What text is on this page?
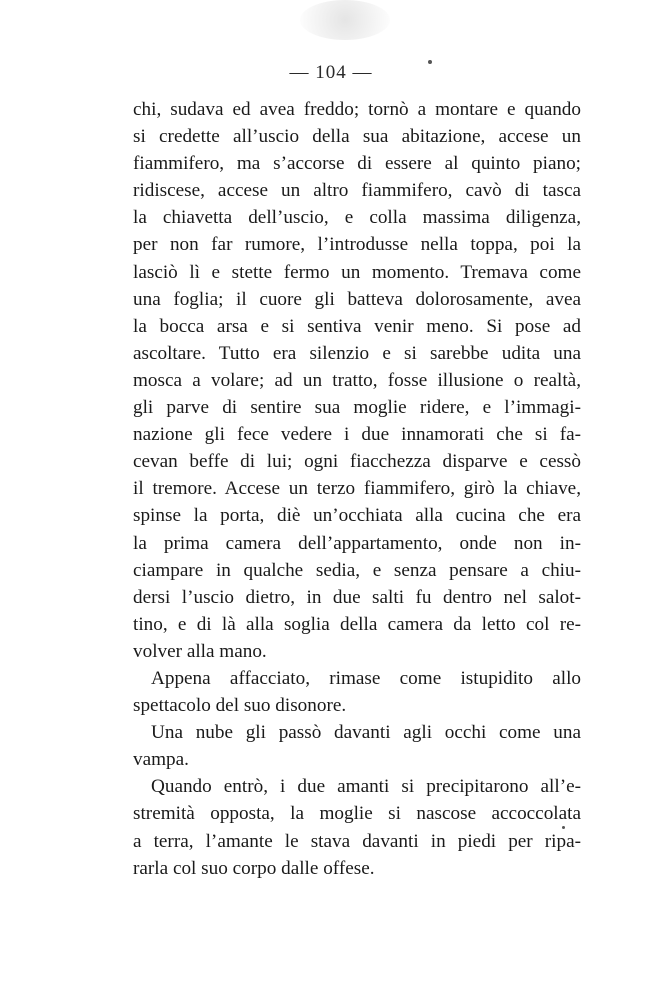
— 104 —
chi, sudava ed avea freddo; tornò a montare e quando
si credette all’uscio della sua abitazione, accese un
fiammifero, ma s’accorse di essere al quinto piano;
ridiscese, accese un altro fiammifero, cavò di tasca
la chiavetta dell’uscio, e colla massima diligenza,
per non far rumore, l’introdusse nella toppa, poi la
lasciò lì e stette fermo un momento. Tremava come
una foglia; il cuore gli batteva dolorosamente, avea
la bocca arsa e si sentiva venir meno. Si pose ad
ascoltare. Tutto era silenzio e si sarebbe udita una
mosca a volare; ad un tratto, fosse illusione o realtà,
gli parve di sentire sua moglie ridere, e l’immagi-
nazione gli fece vedere i due innamorati che si fa-
cevan beffe di lui; ogni fiacchezza disparve e cessò
il tremore. Accese un terzo fiammifero, girò la chiave,
spinse la porta, diè un’occhiata alla cucina che era
la prima camera dell’appartamento, onde non in-
ciampare in qualche sedia, e senza pensare a chiu-
dersi l’uscio dietro, in due salti fu dentro nel salot-
tino, e di là alla soglia della camera da letto col re-
volver alla mano.
Appena affacciato, rimase come istupidito allo
spettacolo del suo disonore.
Una nube gli passò davanti agli occhi come una
vampa.
Quando entrò, i due amanti si precipitarono all’e-
stremità opposta, la moglie si nascose accoccolata
a terra, l’amante le stava davanti in piedi per ripa-
rarla col suo corpo dalle offese.
